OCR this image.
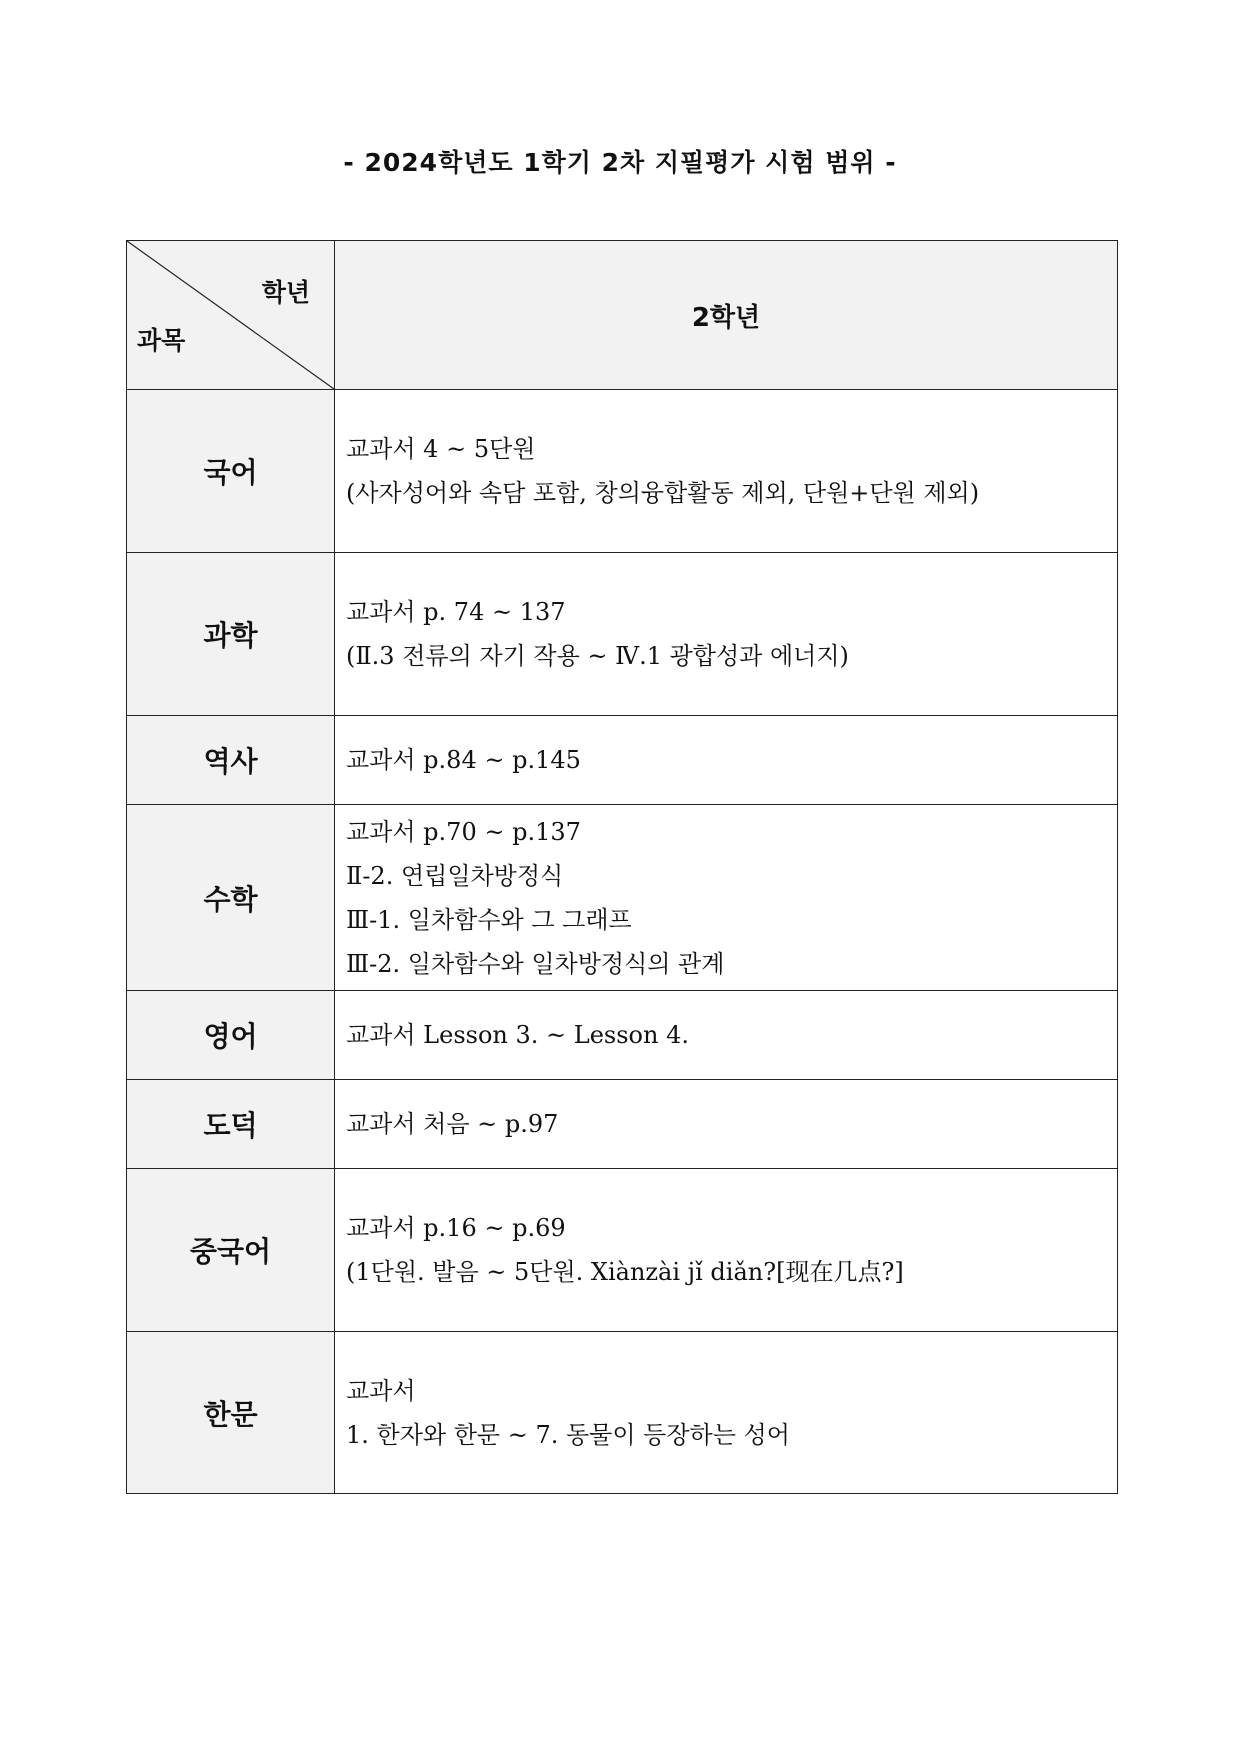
- 2024학년도 1학기 2차 지필평가 시험 범위 -
학년
과목	2학년
국어	교과서 4 ~ 5단원
(사자성어와 속담 포함, 창의융합활동 제외, 단원+단원 제외)

과학	교과서 p. 74 ~ 137
(Ⅱ.3 전류의 자기 작용 ~ Ⅳ.1 광합성과 에너지)

역사	교과서 p.84 ~ p.145

수학	교과서 p.70 ~ p.137
Ⅱ-2. 연립일차방정식
Ⅲ-1. 일차함수와 그 그래프
Ⅲ-2. 일차함수와 일차방정식의 관계

영어	교과서 Lesson 3. ~ Lesson 4.

도덕	교과서 처음 ~ p.97

중국어	교과서 p.16 ~ p.69
(1단원. 발음 ~ 5단원. Xiànzài jǐ diǎn?[现在几点?]

한문	교과서
1. 한자와 한문 ~ 7. 동물이 등장하는 성어
